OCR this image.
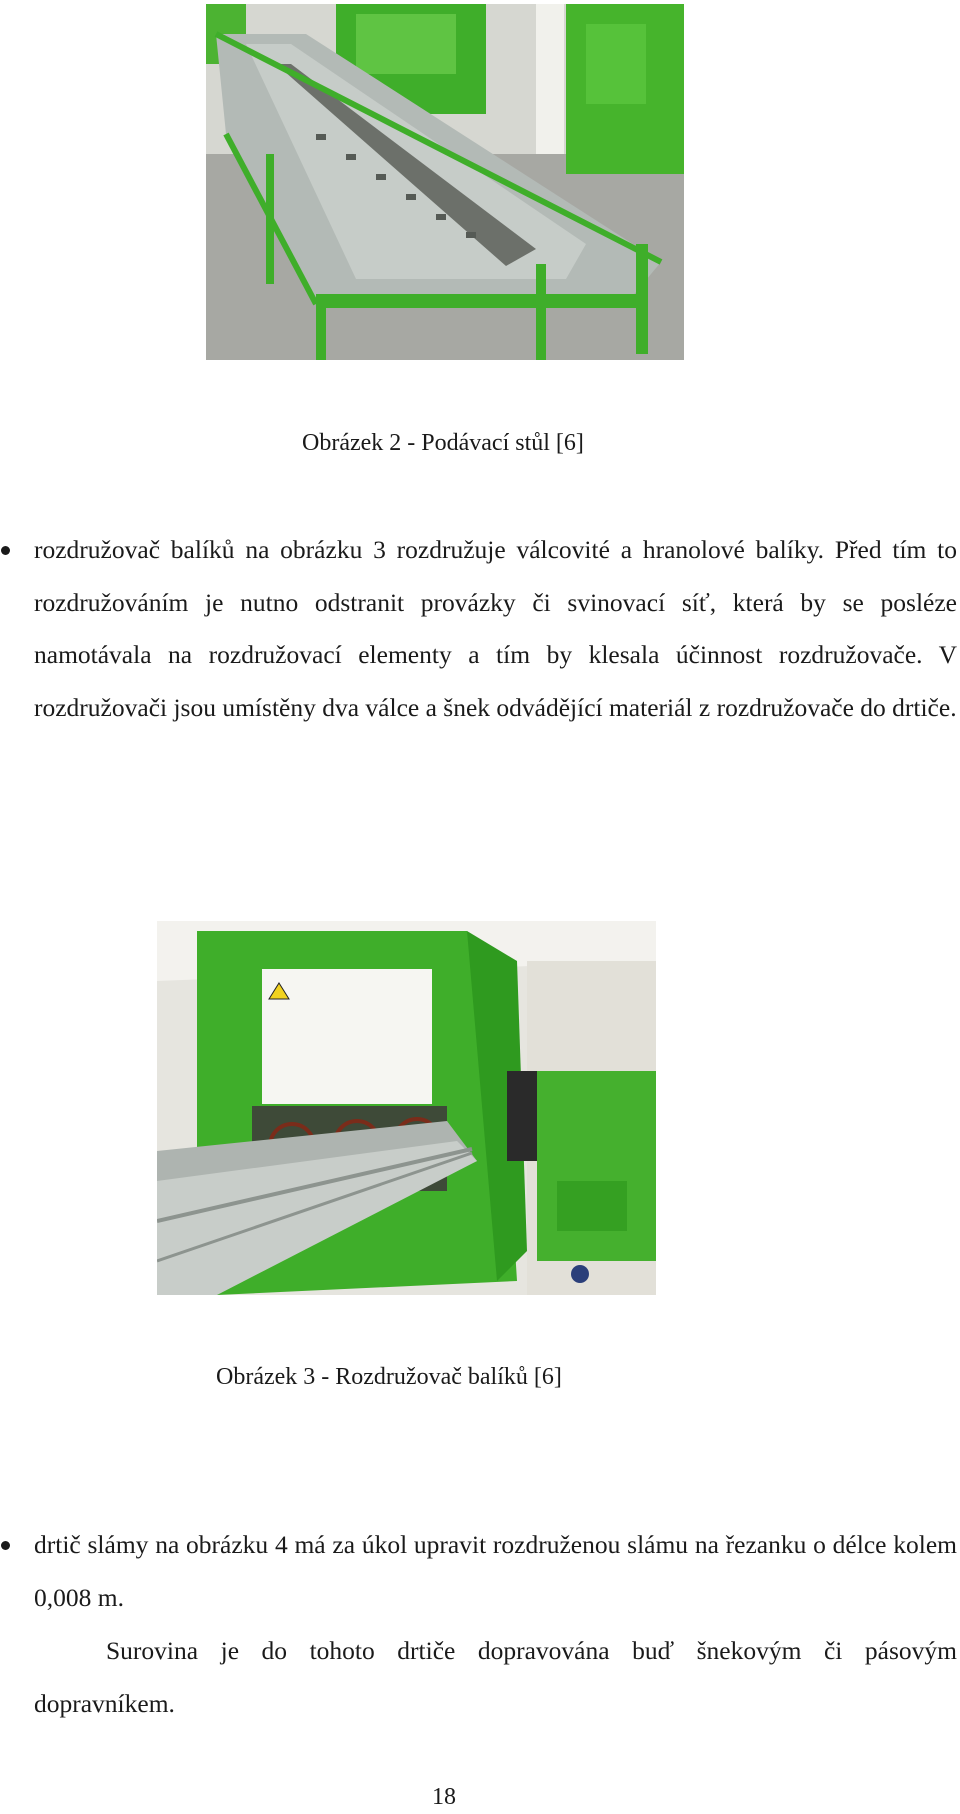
Obrázek 2 - Podávací stůl [6]
rozdružovač balíků na obrázku 3 rozdružuje válcovité a hranolové balíky. Před tím to rozdružováním je nutno odstranit provázky či svinovací síť, která by se posléze namotávala na rozdružovací elementy a tím by klesala účinnost rozdružovače. V rozdružovači jsou umístěny dva válce a šnek odvádějící materiál z rozdružovače do drtiče.
Obrázek 3 - Rozdružovač balíků [6]
drtič slámy na obrázku 4 má za úkol upravit rozdruženou slámu na řezanku o délce kolem 0,008 m.
Surovina je do tohoto drtiče dopravována buď šnekovým či pásovým dopravníkem.
18
